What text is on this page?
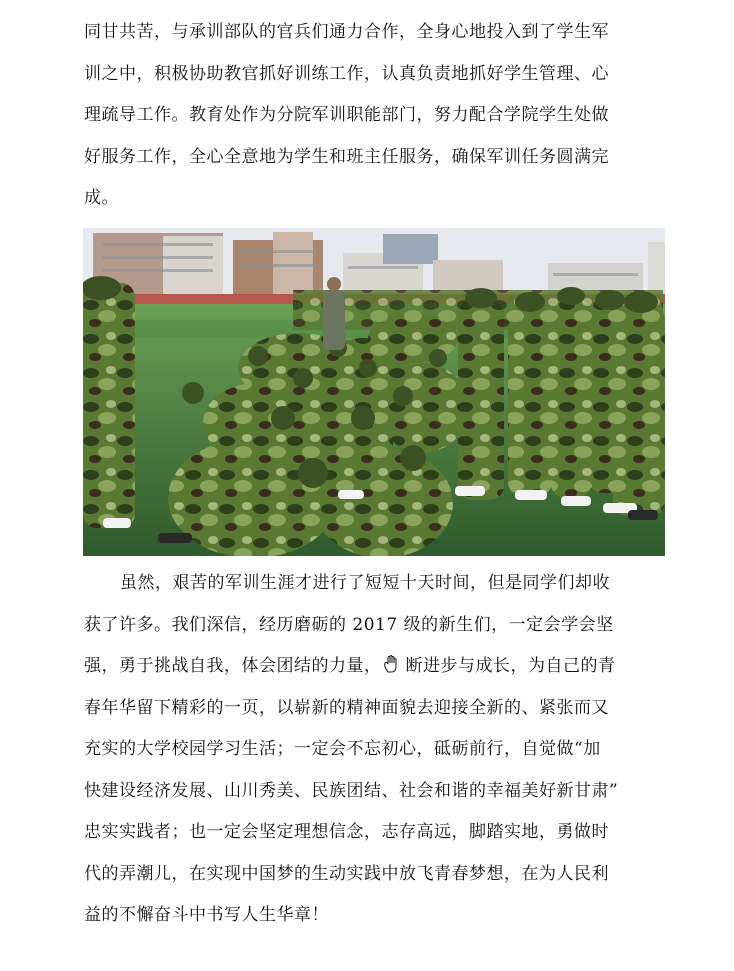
同甘共苦，与承训部队的官兵们通力合作，全身心地投入到了学生军
训之中，积极协助教官抓好训练工作，认真负责地抓好学生管理、心
理疏导工作。教育处作为分院军训职能部门，努力配合学院学生处做
好服务工作，全心全意地为学生和班主任服务，确保军训任务圆满完
成。
虽然，艰苦的军训生涯才进行了短短十天时间，但是同学们却收
获了许多。我们深信，经历磨砺的 2017 级的新生们，一定会学会坚
强，勇于挑战自我，体会团结的力量， 断进步与成长，为自己的青
春年华留下精彩的一页，以崭新的精神面貌去迎接全新的、紧张而又
充实的大学校园学习生活；一定会不忘初心，砥砺前行，自觉做“加
快建设经济发展、山川秀美、民族团结、社会和谐的幸福美好新甘肃”
忠实实践者；也一定会坚定理想信念，志存高远，脚踏实地，勇做时
代的弄潮儿，在实现中国梦的生动实践中放飞青春梦想，在为人民利
益的不懈奋斗中书写人生华章！
